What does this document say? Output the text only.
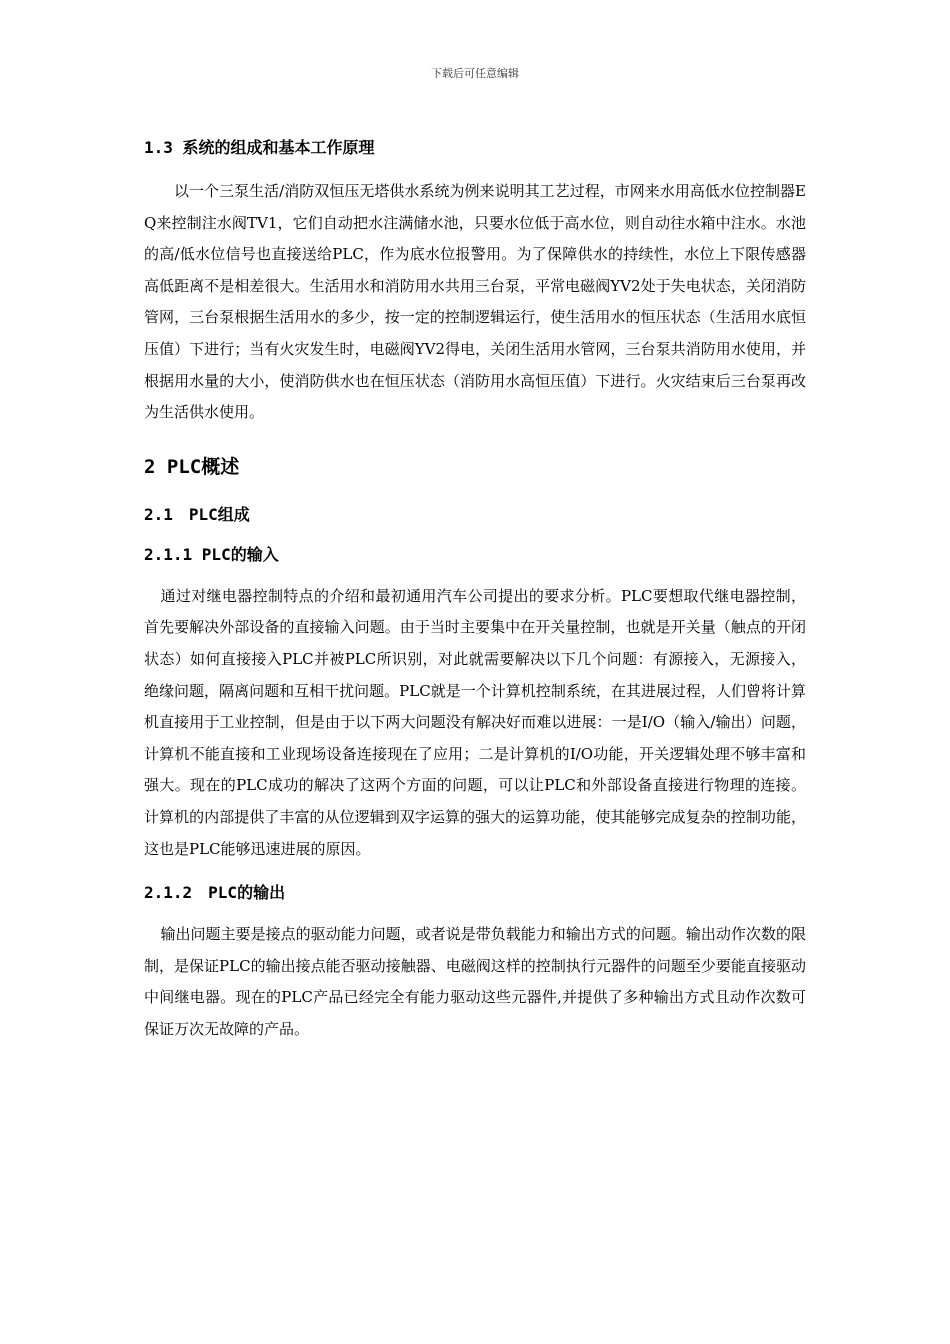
下载后可任意编辑
1.3 系统的组成和基本工作原理

以一个三泵生活/消防双恒压无塔供水系统为例来说明其工艺过程，市网来水用高低水位控制器EQ来控制注水阀TV1，它们自动把水注满储水池，只要水位低于高水位，则自动往水箱中注水。水池的高/低水位信号也直接送给PLC，作为底水位报警用。为了保障供水的持续性，水位上下限传感器高低距离不是相差很大。生活用水和消防用水共用三台泵，平常电磁阀YV2处于失电状态，关闭消防管网，三台泵根据生活用水的多少，按一定的控制逻辑运行，使生活用水的恒压状态（生活用水底恒压值）下进行；当有火灾发生时，电磁阀YV2得电，关闭生活用水管网，三台泵共消防用水使用，并根据用水量的大小，使消防供水也在恒压状态（消防用水高恒压值）下进行。火灾结束后三台泵再改为生活供水使用。

2 PLC概述
2.1　PLC组成
2.1.1 PLC的输入

通过对继电器控制特点的介绍和最初通用汽车公司提出的要求分析。PLC要想取代继电器控制，首先要解决外部设备的直接输入问题。由于当时主要集中在开关量控制，也就是开关量（触点的开闭状态）如何直接接入PLC并被PLC所识别，对此就需要解决以下几个问题：有源接入，无源接入，绝缘问题，隔离问题和互相干扰问题。PLC就是一个计算机控制系统，在其进展过程，人们曾将计算机直接用于工业控制，但是由于以下两大问题没有解决好而难以进展：一是I/O（输入/输出）问题，计算机不能直接和工业现场设备连接现在了应用；二是计算机的I/O功能，开关逻辑处理不够丰富和强大。现在的PLC成功的解决了这两个方面的问题，可以让PLC和外部设备直接进行物理的连接。计算机的内部提供了丰富的从位逻辑到双字运算的强大的运算功能，使其能够完成复杂的控制功能，这也是PLC能够迅速进展的原因。

2.1.2　PLC的输出

输出问题主要是接点的驱动能力问题，或者说是带负载能力和输出方式的问题。输出动作次数的限制，是保证PLC的输出接点能否驱动接触器、电磁阀这样的控制执行元器件的问题至少要能直接驱动中间继电器。现在的PLC产品已经完全有能力驱动这些元器件,并提供了多种输出方式且动作次数可保证万次无故障的产品。
